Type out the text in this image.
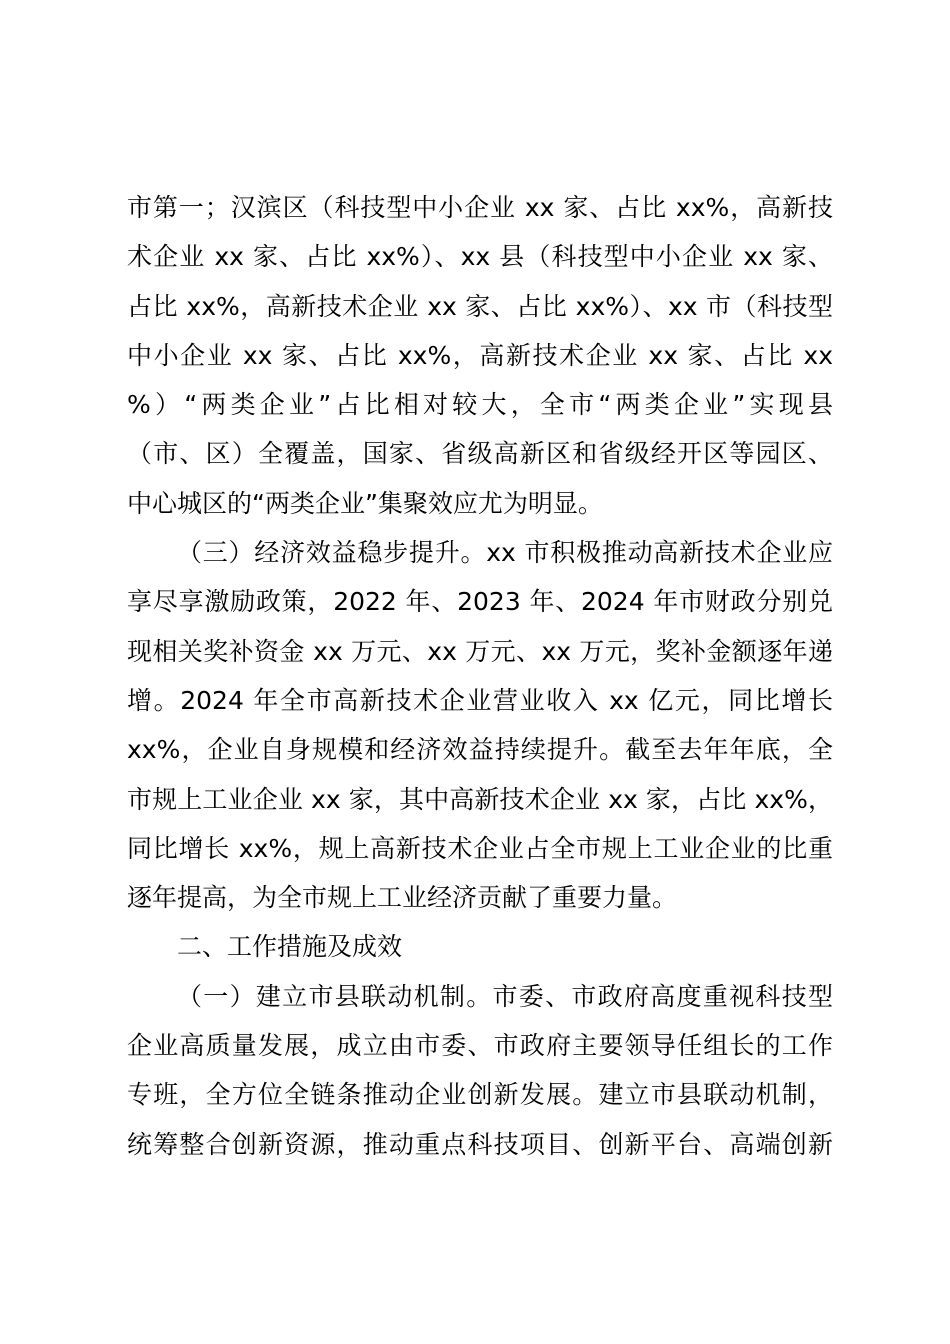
市第一；汉滨区（科技型中小企业 xx 家、占比 xx%，高新技
术企业 xx 家、占比 xx%）、xx 县（科技型中小企业 xx 家、
占比 xx%，高新技术企业 xx 家、占比 xx%）、xx 市（科技型
中小企业 xx 家、占比 xx%，高新技术企业 xx 家、占比 xx
%）“两类企业”占比相对较大，全市“两类企业”实现县
（市、区）全覆盖，国家、省级高新区和省级经开区等园区、
中心城区的“两类企业”集聚效应尤为明显。
（三）经济效益稳步提升。xx 市积极推动高新技术企业应
享尽享激励政策，2022 年、2023 年、2024 年市财政分别兑
现相关奖补资金 xx 万元、xx 万元、xx 万元，奖补金额逐年递
增。2024 年全市高新技术企业营业收入 xx 亿元，同比增长
xx%，企业自身规模和经济效益持续提升。截至去年年底，全
市规上工业企业 xx 家，其中高新技术企业 xx 家，占比 xx%，
同比增长 xx%，规上高新技术企业占全市规上工业企业的比重
逐年提高，为全市规上工业经济贡献了重要力量。
二、工作措施及成效
（一）建立市县联动机制。市委、市政府高度重视科技型
企业高质量发展，成立由市委、市政府主要领导任组长的工作
专班，全方位全链条推动企业创新发展。建立市县联动机制，
统筹整合创新资源，推动重点科技项目、创新平台、高端创新
